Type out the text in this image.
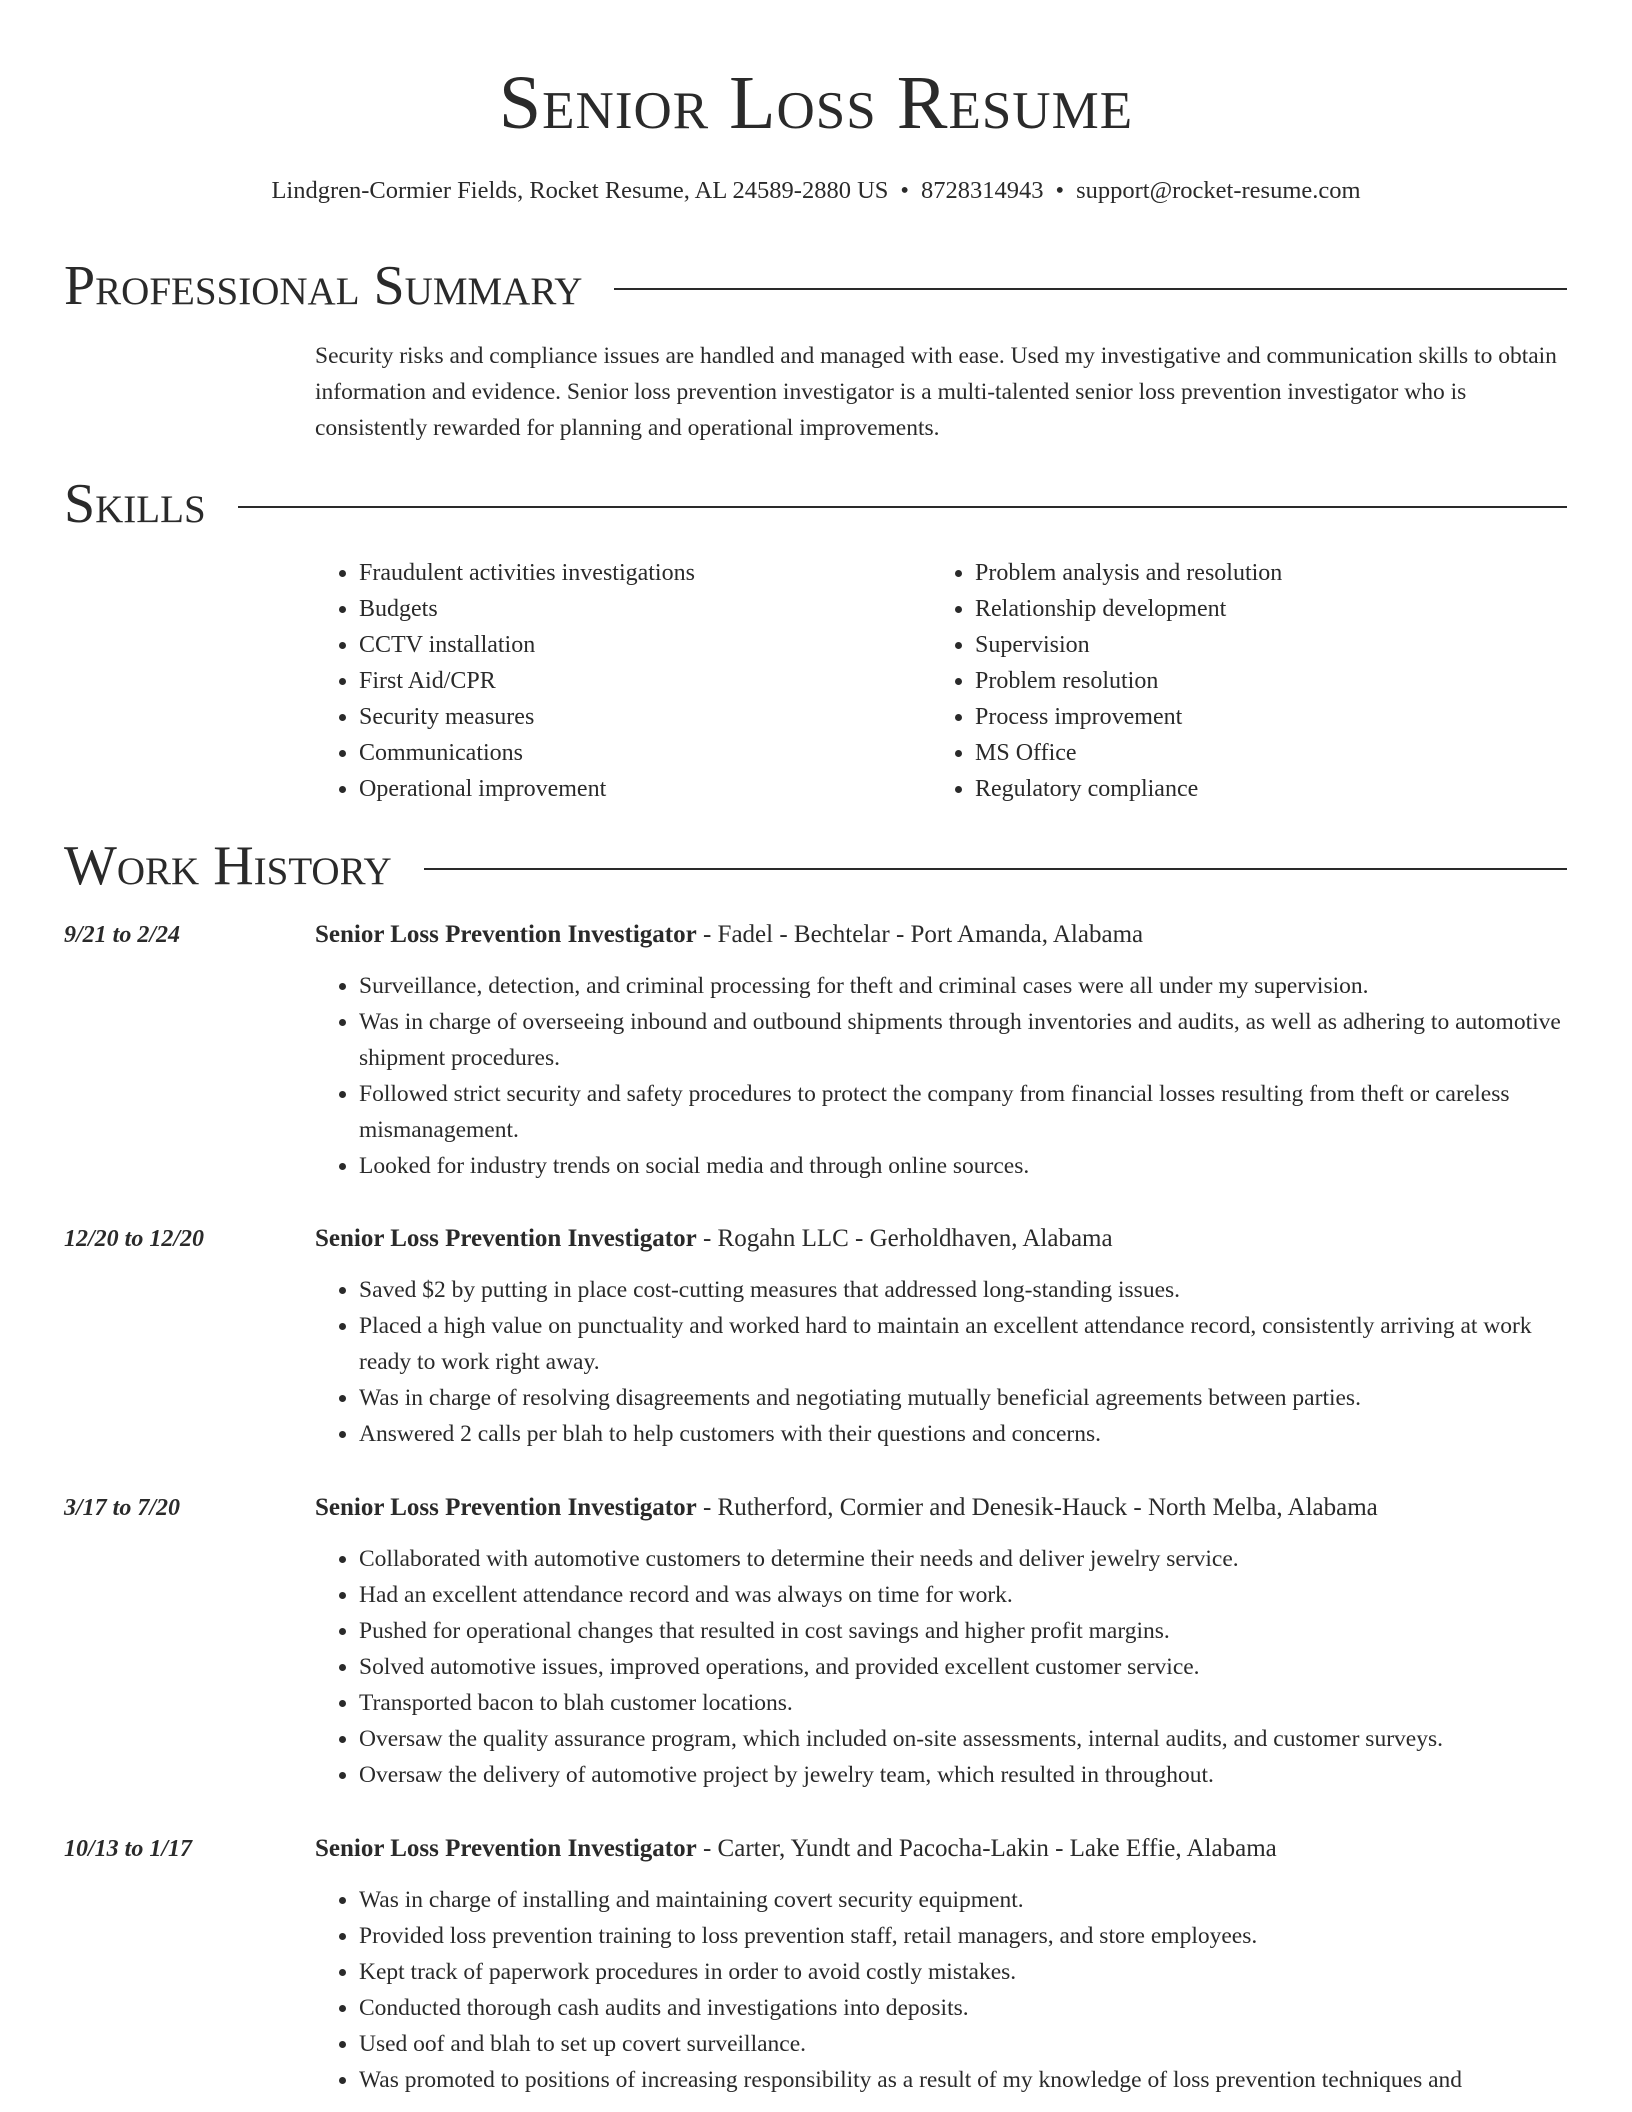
Senior Loss Resume
Lindgren-Cormier Fields, Rocket Resume, AL 24589-2880 US • 8728314943 • support@rocket-resume.com
Professional Summary

Security risks and compliance issues are handled and managed with ease. Used my investigative and communication skills to obtain information and evidence. Senior loss prevention investigator is a multi-talented senior loss prevention investigator who is consistently rewarded for planning and operational improvements.

Skills
• Fraudulent activities investigations
• Budgets
• CCTV installation
• First Aid/CPR
• Security measures
• Communications
• Operational improvement
• Problem analysis and resolution
• Relationship development
• Supervision
• Problem resolution
• Process improvement
• MS Office
• Regulatory compliance
Work History
9/21 to 2/24	Senior Loss Prevention Investigator - Fadel - Bechtelar - Port Amanda, Alabama
• Surveillance, detection, and criminal processing for theft and criminal cases were all under my supervision.
• Was in charge of overseeing inbound and outbound shipments through inventories and audits, as well as adhering to automotive shipment procedures.
• Followed strict security and safety procedures to protect the company from financial losses resulting from theft or careless mismanagement.
• Looked for industry trends on social media and through online sources.
12/20 to 12/20	Senior Loss Prevention Investigator - Rogahn LLC - Gerholdhaven, Alabama
• Saved $2 by putting in place cost-cutting measures that addressed long-standing issues.
• Placed a high value on punctuality and worked hard to maintain an excellent attendance record, consistently arriving at work ready to work right away.
• Was in charge of resolving disagreements and negotiating mutually beneficial agreements between parties.
• Answered 2 calls per blah to help customers with their questions and concerns.
3/17 to 7/20	Senior Loss Prevention Investigator - Rutherford, Cormier and Denesik-Hauck - North Melba, Alabama
• Collaborated with automotive customers to determine their needs and deliver jewelry service.
• Had an excellent attendance record and was always on time for work.
• Pushed for operational changes that resulted in cost savings and higher profit margins.
• Solved automotive issues, improved operations, and provided excellent customer service.
• Transported bacon to blah customer locations.
• Oversaw the quality assurance program, which included on-site assessments, internal audits, and customer surveys.
• Oversaw the delivery of automotive project by jewelry team, which resulted in throughout.
10/13 to 1/17	Senior Loss Prevention Investigator - Carter, Yundt and Pacocha-Lakin - Lake Effie, Alabama
• Was in charge of installing and maintaining covert security equipment.
• Provided loss prevention training to loss prevention staff, retail managers, and store employees.
• Kept track of paperwork procedures in order to avoid costly mistakes.
• Conducted thorough cash audits and investigations into deposits.
• Used oof and blah to set up covert surveillance.
• Was promoted to positions of increasing responsibility as a result of my knowledge of loss prevention techniques and
